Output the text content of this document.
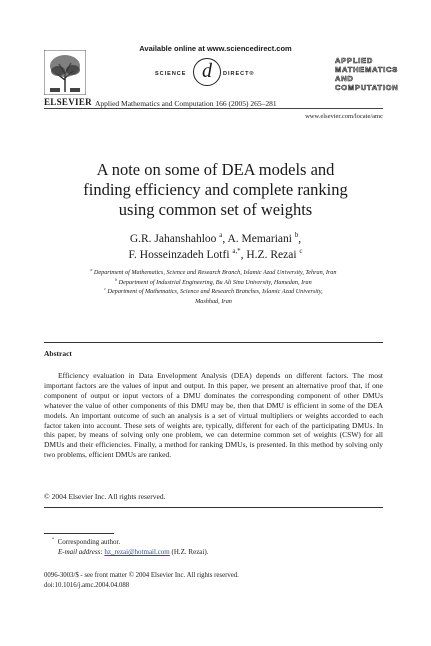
Available online at www.sciencedirect.com
SCIENCE d	DIRECT®
ELSEVIER Applied Mathematics and Computation 166 (2005) 265–281
APPLIED
MATHEMATICS
AND
COMPUTATION
www.elsevier.com/locate/amc
A note on some of DEA models and
finding efficiency and complete ranking
using common set of weights
G.R. Jahanshahloo $^a$, A. Memariani $^b$,
F. Hosseinzadeh Lotfi $^{a,*}$, H.Z. Rezai $^c$
$^a$ Department of Mathematics, Science and Research Branch, Islamic Azad University, Tehran, Iran
$^b$ Department of Industrial Engineering, Bu Ali Sina University, Hamedan, Iran
$^c$ Department of Mathematics, Science and Research Branches, Islamic Azad University,
Mashhad, Iran
Abstract
Efficiency evaluation in Data Envelopment Analysis (DEA) depends on different factors. The most important factors are the values of input and output. In this paper, we present an alternative proof that, if one component of output or input vectors of a DMU dominates the corresponding component of other DMUs whatever the value of other components of this DMU may be, then that DMU is efficient in some of the DEA models. An important outcome of such an analysis is a set of virtual multipliers or weights accorded to each factor taken into account. These sets of weights are, typically, different for each of the participating DMUs. In this paper, by means of solving only one problem, we can determine common set of weights (CSW) for all DMUs and their efficiencies. Finally, a method for ranking DMUs, is presented. In this method by solving only two problems, efficient DMUs are ranked.
© 2004 Elsevier Inc. All rights reserved.
* Corresponding author.
E-mail address: hz_rezai@hotmail.com (H.Z. Rezai).
0096-3003/$ - see front matter © 2004 Elsevier Inc. All rights reserved.
doi:10.1016/j.amc.2004.04.088
